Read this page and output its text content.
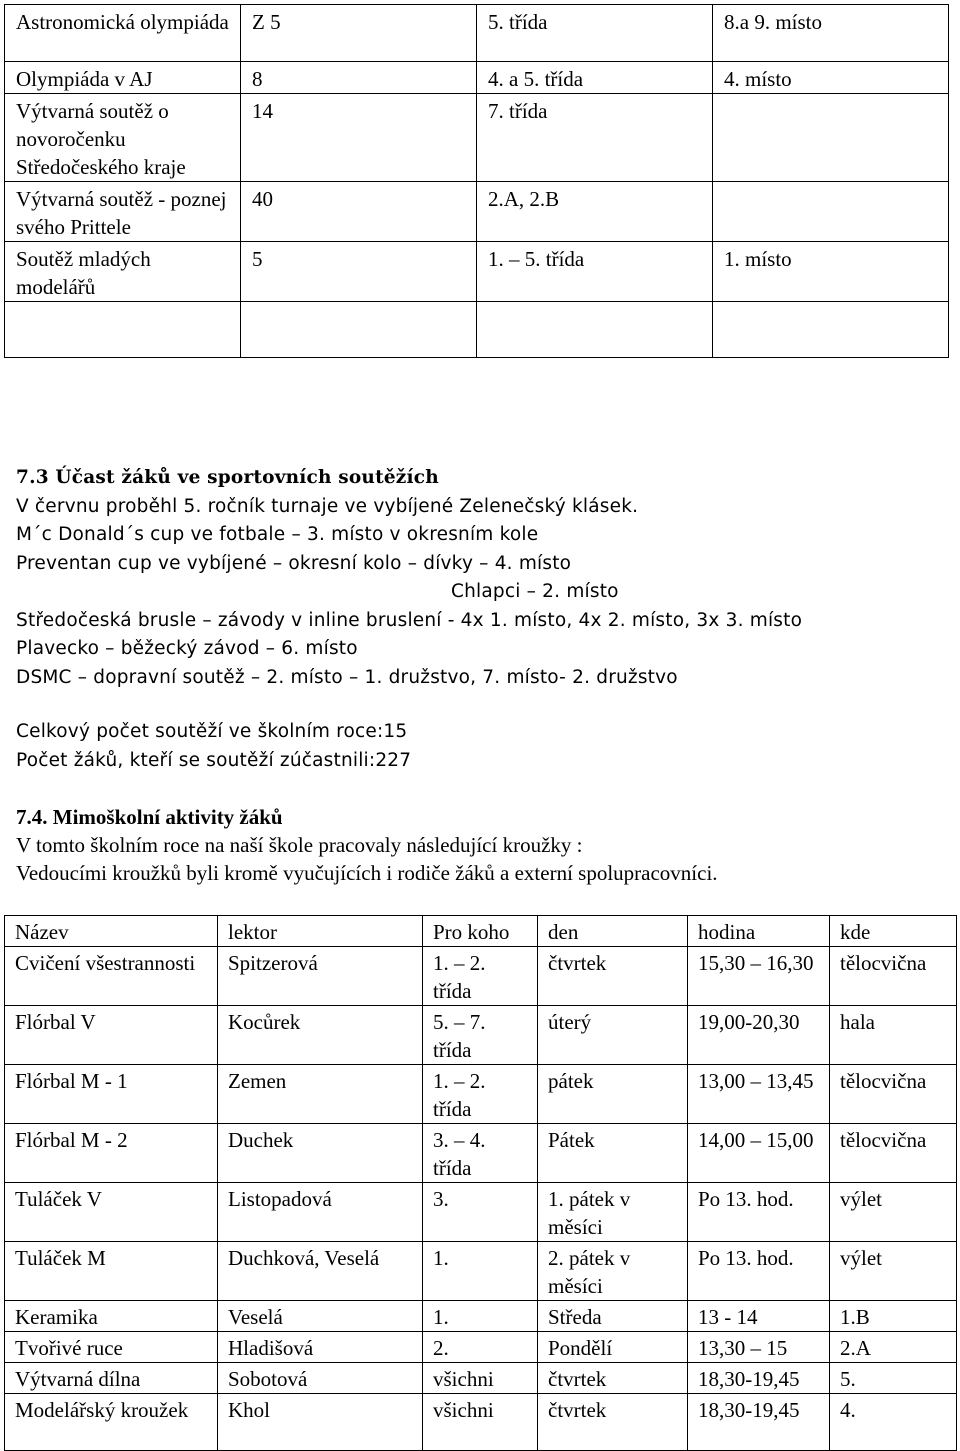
Astronomická olympiáda	Z 5	5. třída	8.a 9. místo
Olympiáda v AJ	8	4. a 5. třída	4. místo
Výtvarná soutěž o novoročenku Středočeského kraje	14	7. třída	
Výtvarná soutěž - poznej svého Prittele	40	2.A, 2.B	
Soutěž mladých modelářů	5	1. – 5. třída	1. místo

7.3 Účast žáků ve sportovních soutěžích
V červnu proběhl 5. ročník turnaje ve vybíjené Zelenečský klásek.
M´c Donald´s cup ve fotbale – 3. místo v okresním kole
Preventan cup ve vybíjené – okresní kolo – dívky – 4. místo
Chlapci – 2. místo
Středočeská brusle – závody v inline bruslení - 4x 1. místo, 4x 2. místo, 3x 3. místo
Plavecko – běžecký závod – 6. místo
DSMC – dopravní soutěž – 2. místo – 1. družstvo, 7. místo- 2. družstvo
Celkový počet soutěží ve školním roce:15
Počet žáků, kteří se soutěží zúčastnili:227
7.4. Mimoškolní aktivity žáků
V tomto školním roce na naší škole pracovaly následující kroužky :
Vedoucími kroužků byli kromě vyučujících i rodiče žáků a externí spolupracovníci.
Název	lektor	Pro koho	den	hodina	kde
Cvičení všestrannosti	Spitzerová	1. – 2. třída	čtvrtek	15,30 – 16,30	tělocvična
Flórbal V	Kocůrek	5. – 7. třída	úterý	19,00-20,30	hala
Flórbal M - 1	Zemen	1. – 2. třída	pátek	13,00 – 13,45	tělocvična
Flórbal M - 2	Duchek	3. – 4. třída	Pátek	14,00 – 15,00	tělocvična
Tuláček V	Listopadová	3.	1. pátek v měsíci	Po 13. hod.	výlet
Tuláček M	Duchková, Veselá	1.	2. pátek v měsíci	Po 13. hod.	výlet
Keramika	Veselá	1.	Středa	13 - 14	1.B
Tvořivé ruce	Hladišová	2.	Pondělí	13,30 – 15	2.A
Výtvarná dílna	Sobotová	všichni	čtvrtek	18,30-19,45	5.
Modelářský kroužek	Khol	všichni	čtvrtek	18,30-19,45	4.
